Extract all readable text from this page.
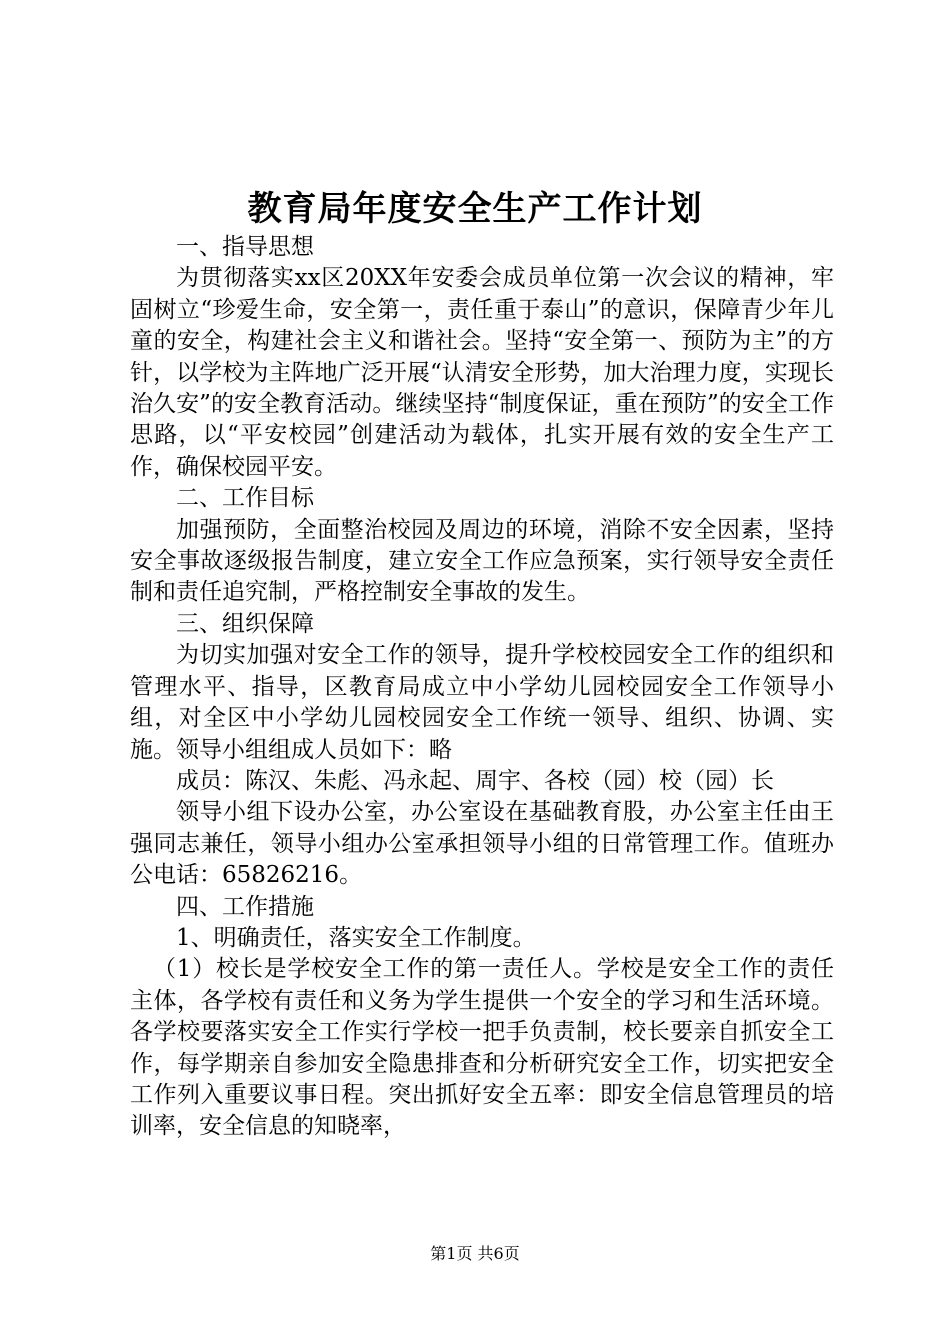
教育局年度安全生产工作计划

一、指导思想

为贯彻落实xx区20XX年安委会成员单位第一次会议的精神，牢固树立“珍爱生命，安全第一，责任重于泰山”的意识，保障青少年儿童的安全，构建社会主义和谐社会。坚持“安全第一、预防为主”的方针，以学校为主阵地广泛开展“认清安全形势，加大治理力度，实现长治久安”的安全教育活动。继续坚持“制度保证，重在预防”的安全工作思路，以“平安校园”创建活动为载体，扎实开展有效的安全生产工作，确保校园平安。

二、工作目标

加强预防，全面整治校园及周边的环境，消除不安全因素，坚持安全事故逐级报告制度，建立安全工作应急预案，实行领导安全责任制和责任追究制，严格控制安全事故的发生。

三、组织保障

为切实加强对安全工作的领导，提升学校校园安全工作的组织和管理水平、指导，区教育局成立中小学幼儿园校园安全工作领导小组，对全区中小学幼儿园校园安全工作统一领导、组织、协调、实施。领导小组组成人员如下：略

成员：陈汉、朱彪、冯永起、周宇、各校（园）校（园）长

领导小组下设办公室，办公室设在基础教育股，办公室主任由王强同志兼任，领导小组办公室承担领导小组的日常管理工作。值班办公电话：65826216。

四、工作措施

1、明确责任，落实安全工作制度。

（1）校长是学校安全工作的第一责任人。学校是安全工作的责任主体，各学校有责任和义务为学生提供一个安全的学习和生活环境。各学校要落实安全工作实行学校一把手负责制，校长要亲自抓安全工作，每学期亲自参加安全隐患排查和分析研究安全工作，切实把安全工作列入重要议事日程。突出抓好安全五率：即安全信息管理员的培训率，安全信息的知晓率，

第1页 共6页
